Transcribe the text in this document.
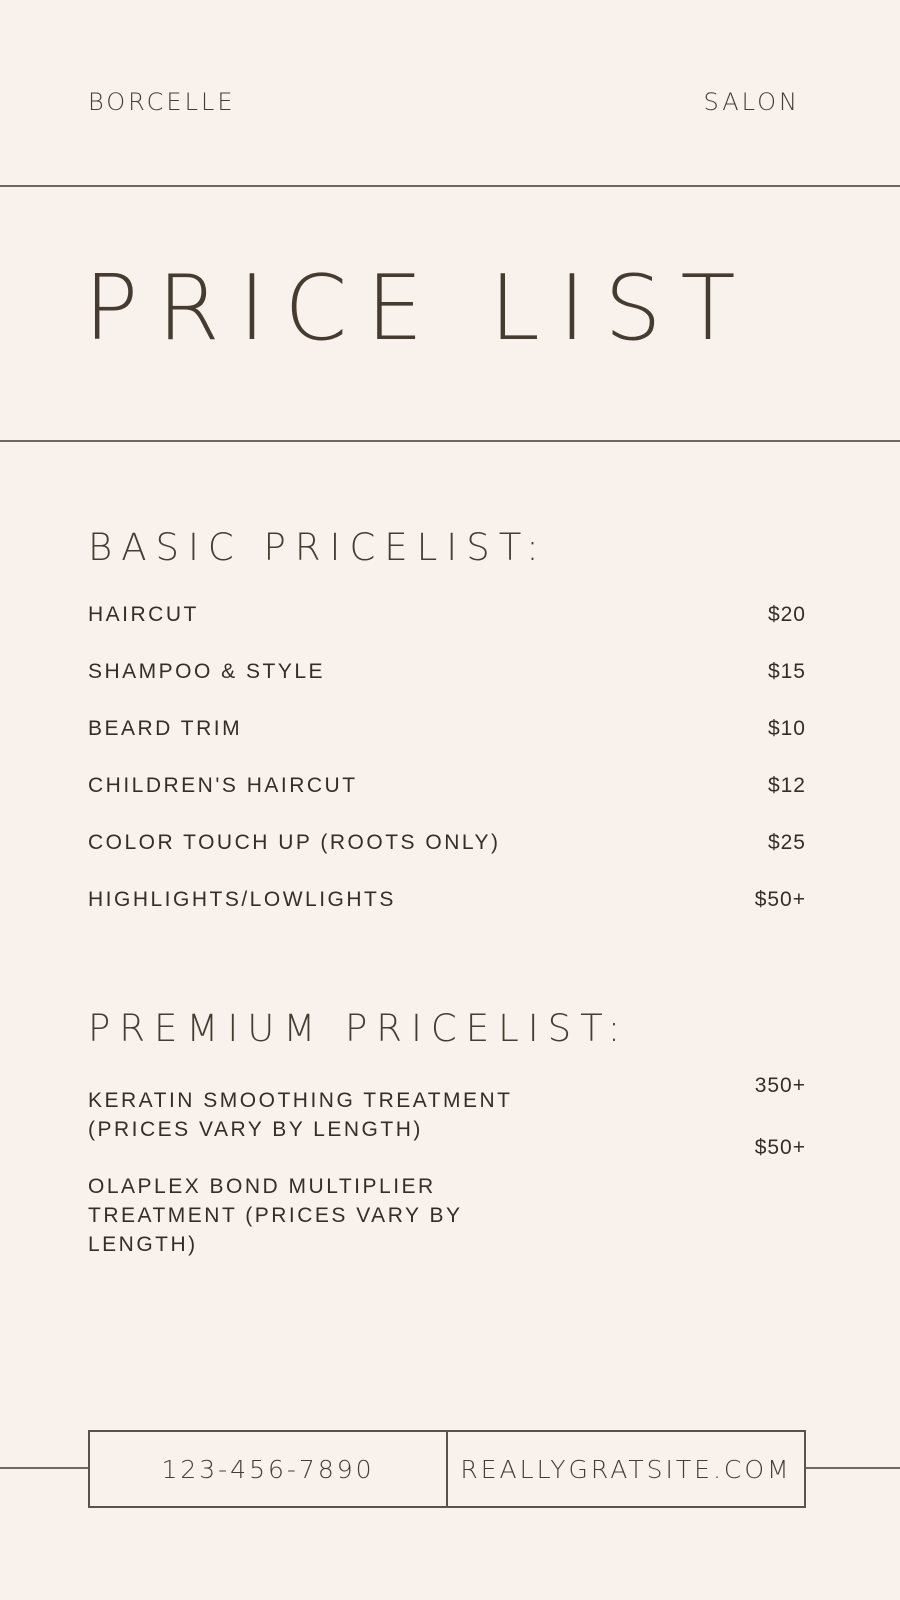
BORCELLE	SALON
PRICE LIST
BASIC PRICELIST:
HAIRCUT	$20
SHAMPOO & STYLE	$15
BEARD TRIM	$10
CHILDREN'S HAIRCUT	$12
COLOR TOUCH UP (ROOTS ONLY)	$25
HIGHLIGHTS/LOWLIGHTS	$50+
PREMIUM PRICELIST:
KERATIN SMOOTHING TREATMENT (PRICES VARY BY LENGTH)
350+
OLAPLEX BOND MULTIPLIER TREATMENT (PRICES VARY BY LENGTH)
$50+
123-456-7890	REALLYGRATSITE.COM
